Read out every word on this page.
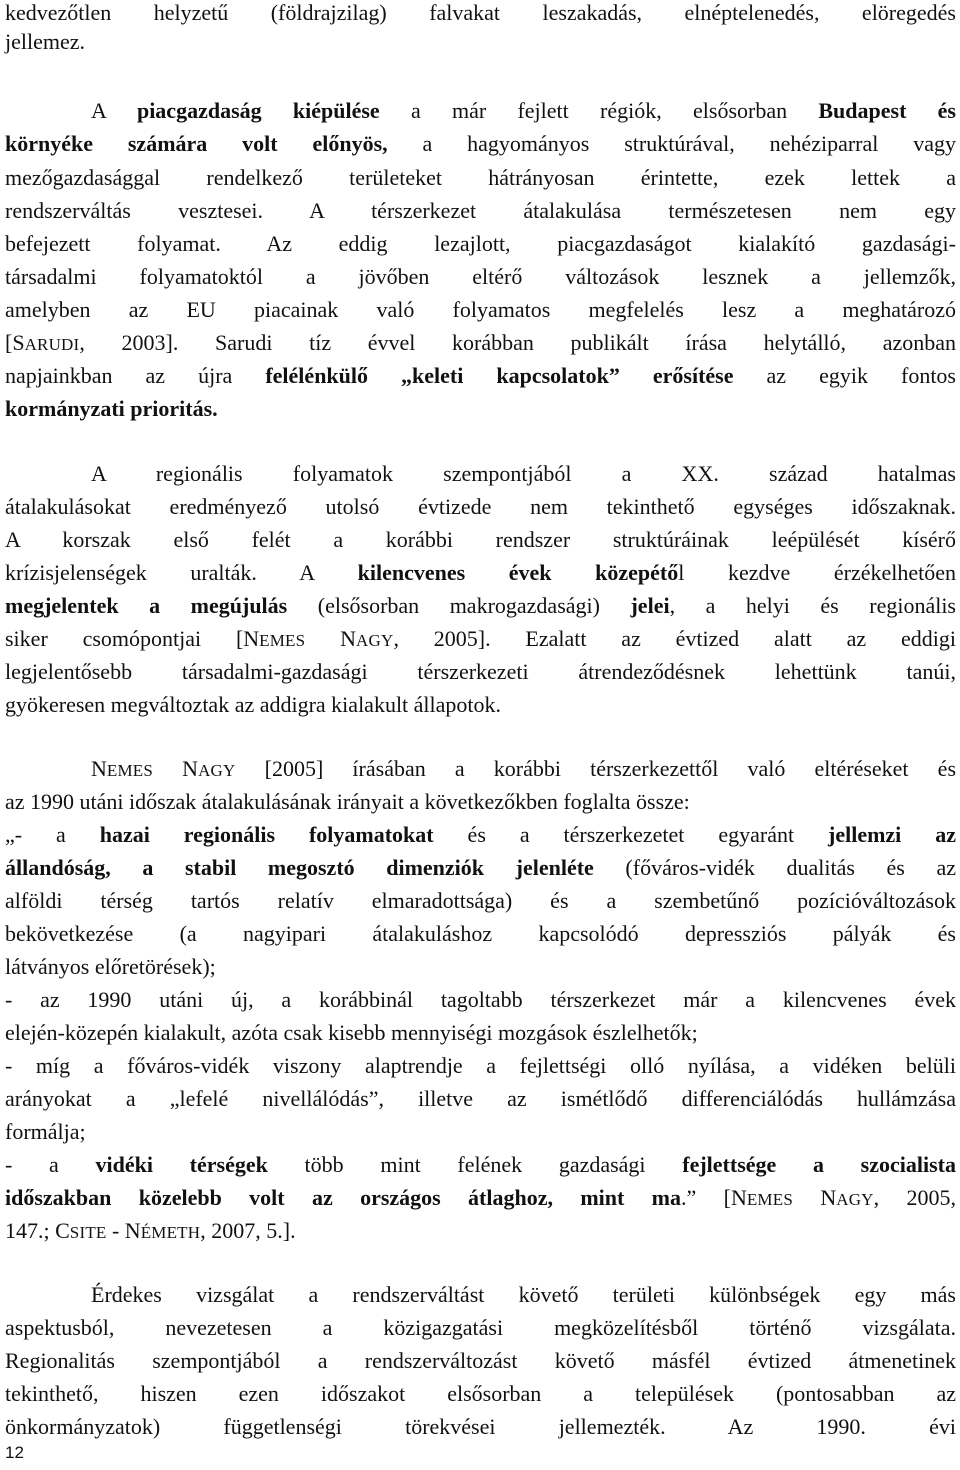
kedvezőtlen helyzetű (földrajzilag) falvakat leszakadás, elnéptelenedés, elöregedés
jellemez.
A piacgazdaság kiépülése a már fejlett régiók, elsősorban Budapest és
környéke számára volt előnyös, a hagyományos struktúrával, nehéziparral vagy
mezőgazdasággal rendelkező területeket hátrányosan érintette, ezek lettek a
rendszerváltás vesztesei. A térszerkezet átalakulása természetesen nem egy
befejezett folyamat. Az eddig lezajlott, piacgazdaságot kialakító gazdasági-
társadalmi folyamatoktól a jövőben eltérő változások lesznek a jellemzők,
amelyben az EU piacainak való folyamatos megfelelés lesz a meghatározó
[SARUDI, 2003]. Sarudi tíz évvel korábban publikált írása helytálló, azonban
napjainkban az újra felélénkülő „keleti kapcsolatok” erősítése az egyik fontos
kormányzati prioritás.
A regionális folyamatok szempontjából a XX. század hatalmas
átalakulásokat eredményező utolsó évtizede nem tekinthető egységes időszaknak.
A korszak első felét a korábbi rendszer struktúráinak leépülését kísérő
krízisjelenségek uralták. A kilencvenes évek közepétől kezdve érzékelhetően
megjelentek a megújulás (elsősorban makrogazdasági) jelei, a helyi és regionális
siker csomópontjai [NEMES NAGY, 2005]. Ezalatt az évtized alatt az eddigi
legjelentősebb társadalmi-gazdasági térszerkezeti átrendeződésnek lehettünk tanúi,
gyökeresen megváltoztak az addigra kialakult állapotok.
NEMES NAGY [2005] írásában a korábbi térszerkezettől való eltéréseket és
az 1990 utáni időszak átalakulásának irányait a következőkben foglalta össze:
„- a hazai regionális folyamatokat és a térszerkezetet egyaránt jellemzi az
állandóság, a stabil megosztó dimenziók jelenléte (főváros-vidék dualitás és az
alföldi térség tartós relatív elmaradottsága) és a szembetűnő pozícióváltozások
bekövetkezése (a nagyipari átalakuláshoz kapcsolódó depressziós pályák és
látványos előretörések);
- az 1990 utáni új, a korábbinál tagoltabb térszerkezet már a kilencvenes évek
elején-közepén kialakult, azóta csak kisebb mennyiségi mozgások észlelhetők;
- míg a főváros-vidék viszony alaptrendje a fejlettségi olló nyílása, a vidéken belüli
arányokat a „lefelé nivellálódás”, illetve az ismétlődő differenciálódás hullámzása
formálja;
- a vidéki térségek több mint felének gazdasági fejlettsége a szocialista
időszakban közelebb volt az országos átlaghoz, mint ma.” [NEMES NAGY, 2005,
147.; CSITE - NÉMETH, 2007, 5.].
Érdekes vizsgálat a rendszerváltást követő területi különbségek egy más
aspektusból, nevezetesen a közigazgatási megközelítésből történő vizsgálata.
Regionalitás szempontjából a rendszerváltozást követő másfél évtized átmenetinek
tekinthető, hiszen ezen időszakot elsősorban a települések (pontosabban az
önkormányzatok) függetlenségi törekvései jellemezték. Az 1990. évi
12
